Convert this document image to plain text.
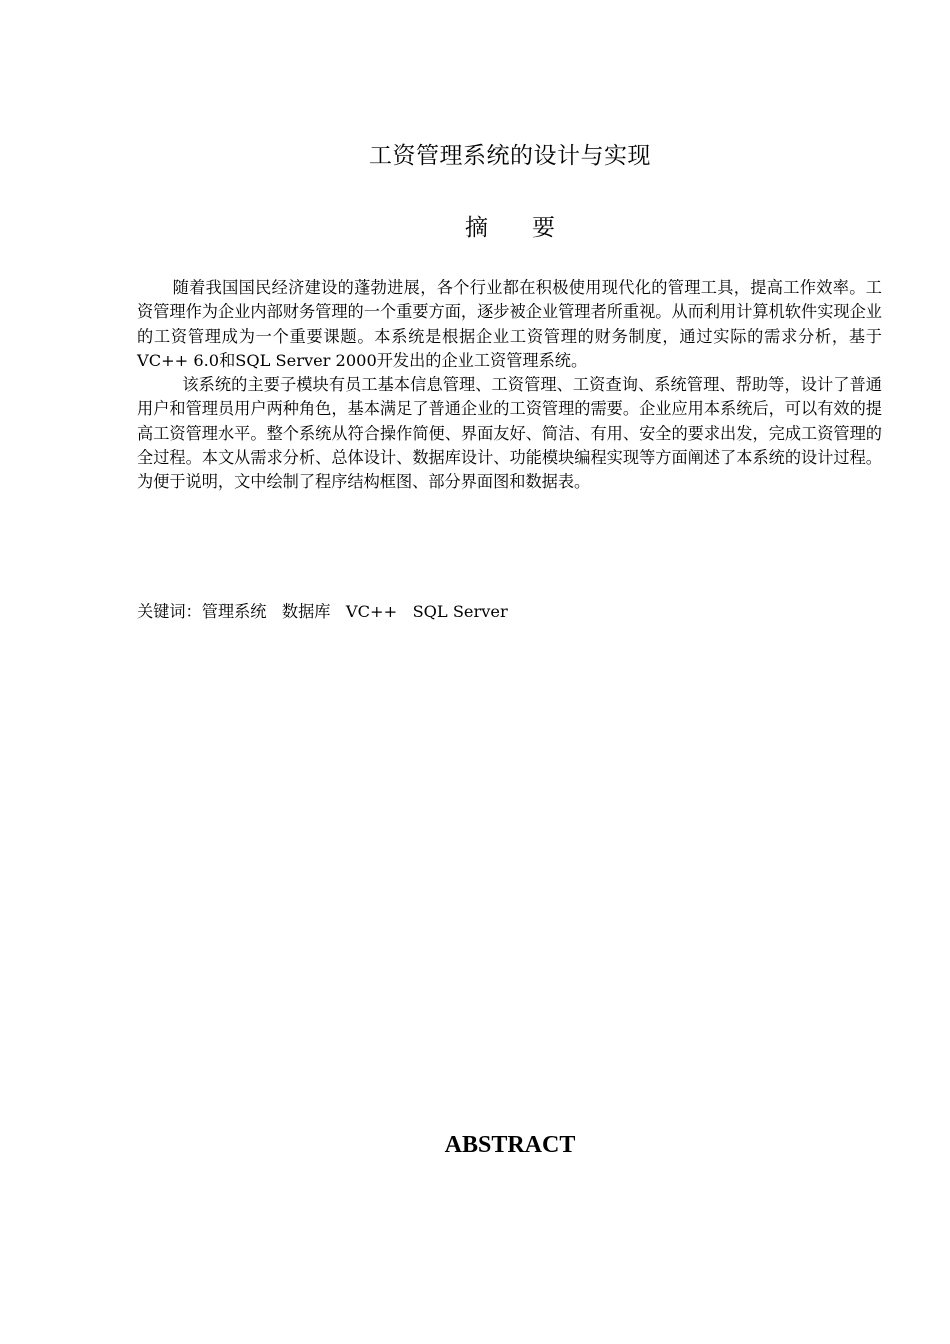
工资管理系统的设计与实现
摘 要

随着我国国民经济建设的蓬勃进展，各个行业都在积极使用现代化的管理工具，提高工作效率。工资管理作为企业内部财务管理的一个重要方面，逐步被企业管理者所重视。从而利用计算机软件实现企业的工资管理成为一个重要课题。本系统是根据企业工资管理的财务制度，通过实际的需求分析，基于VC++ 6.0和SQL Server 2000开发出的企业工资管理系统。

该系统的主要子模块有员工基本信息管理、工资管理、工资查询、系统管理、帮助等，设计了普通用户和管理员用户两种角色，基本满足了普通企业的工资管理的需要。企业应用本系统后，可以有效的提高工资管理水平。整个系统从符合操作简便、界面友好、简洁、有用、安全的要求出发，完成工资管理的全过程。本文从需求分析、总体设计、数据库设计、功能模块编程实现等方面阐述了本系统的设计过程。为便于说明，文中绘制了程序结构框图、部分界面图和数据表。

关键词：管理系统   数据库   VC++   SQL Server
ABSTRACT
